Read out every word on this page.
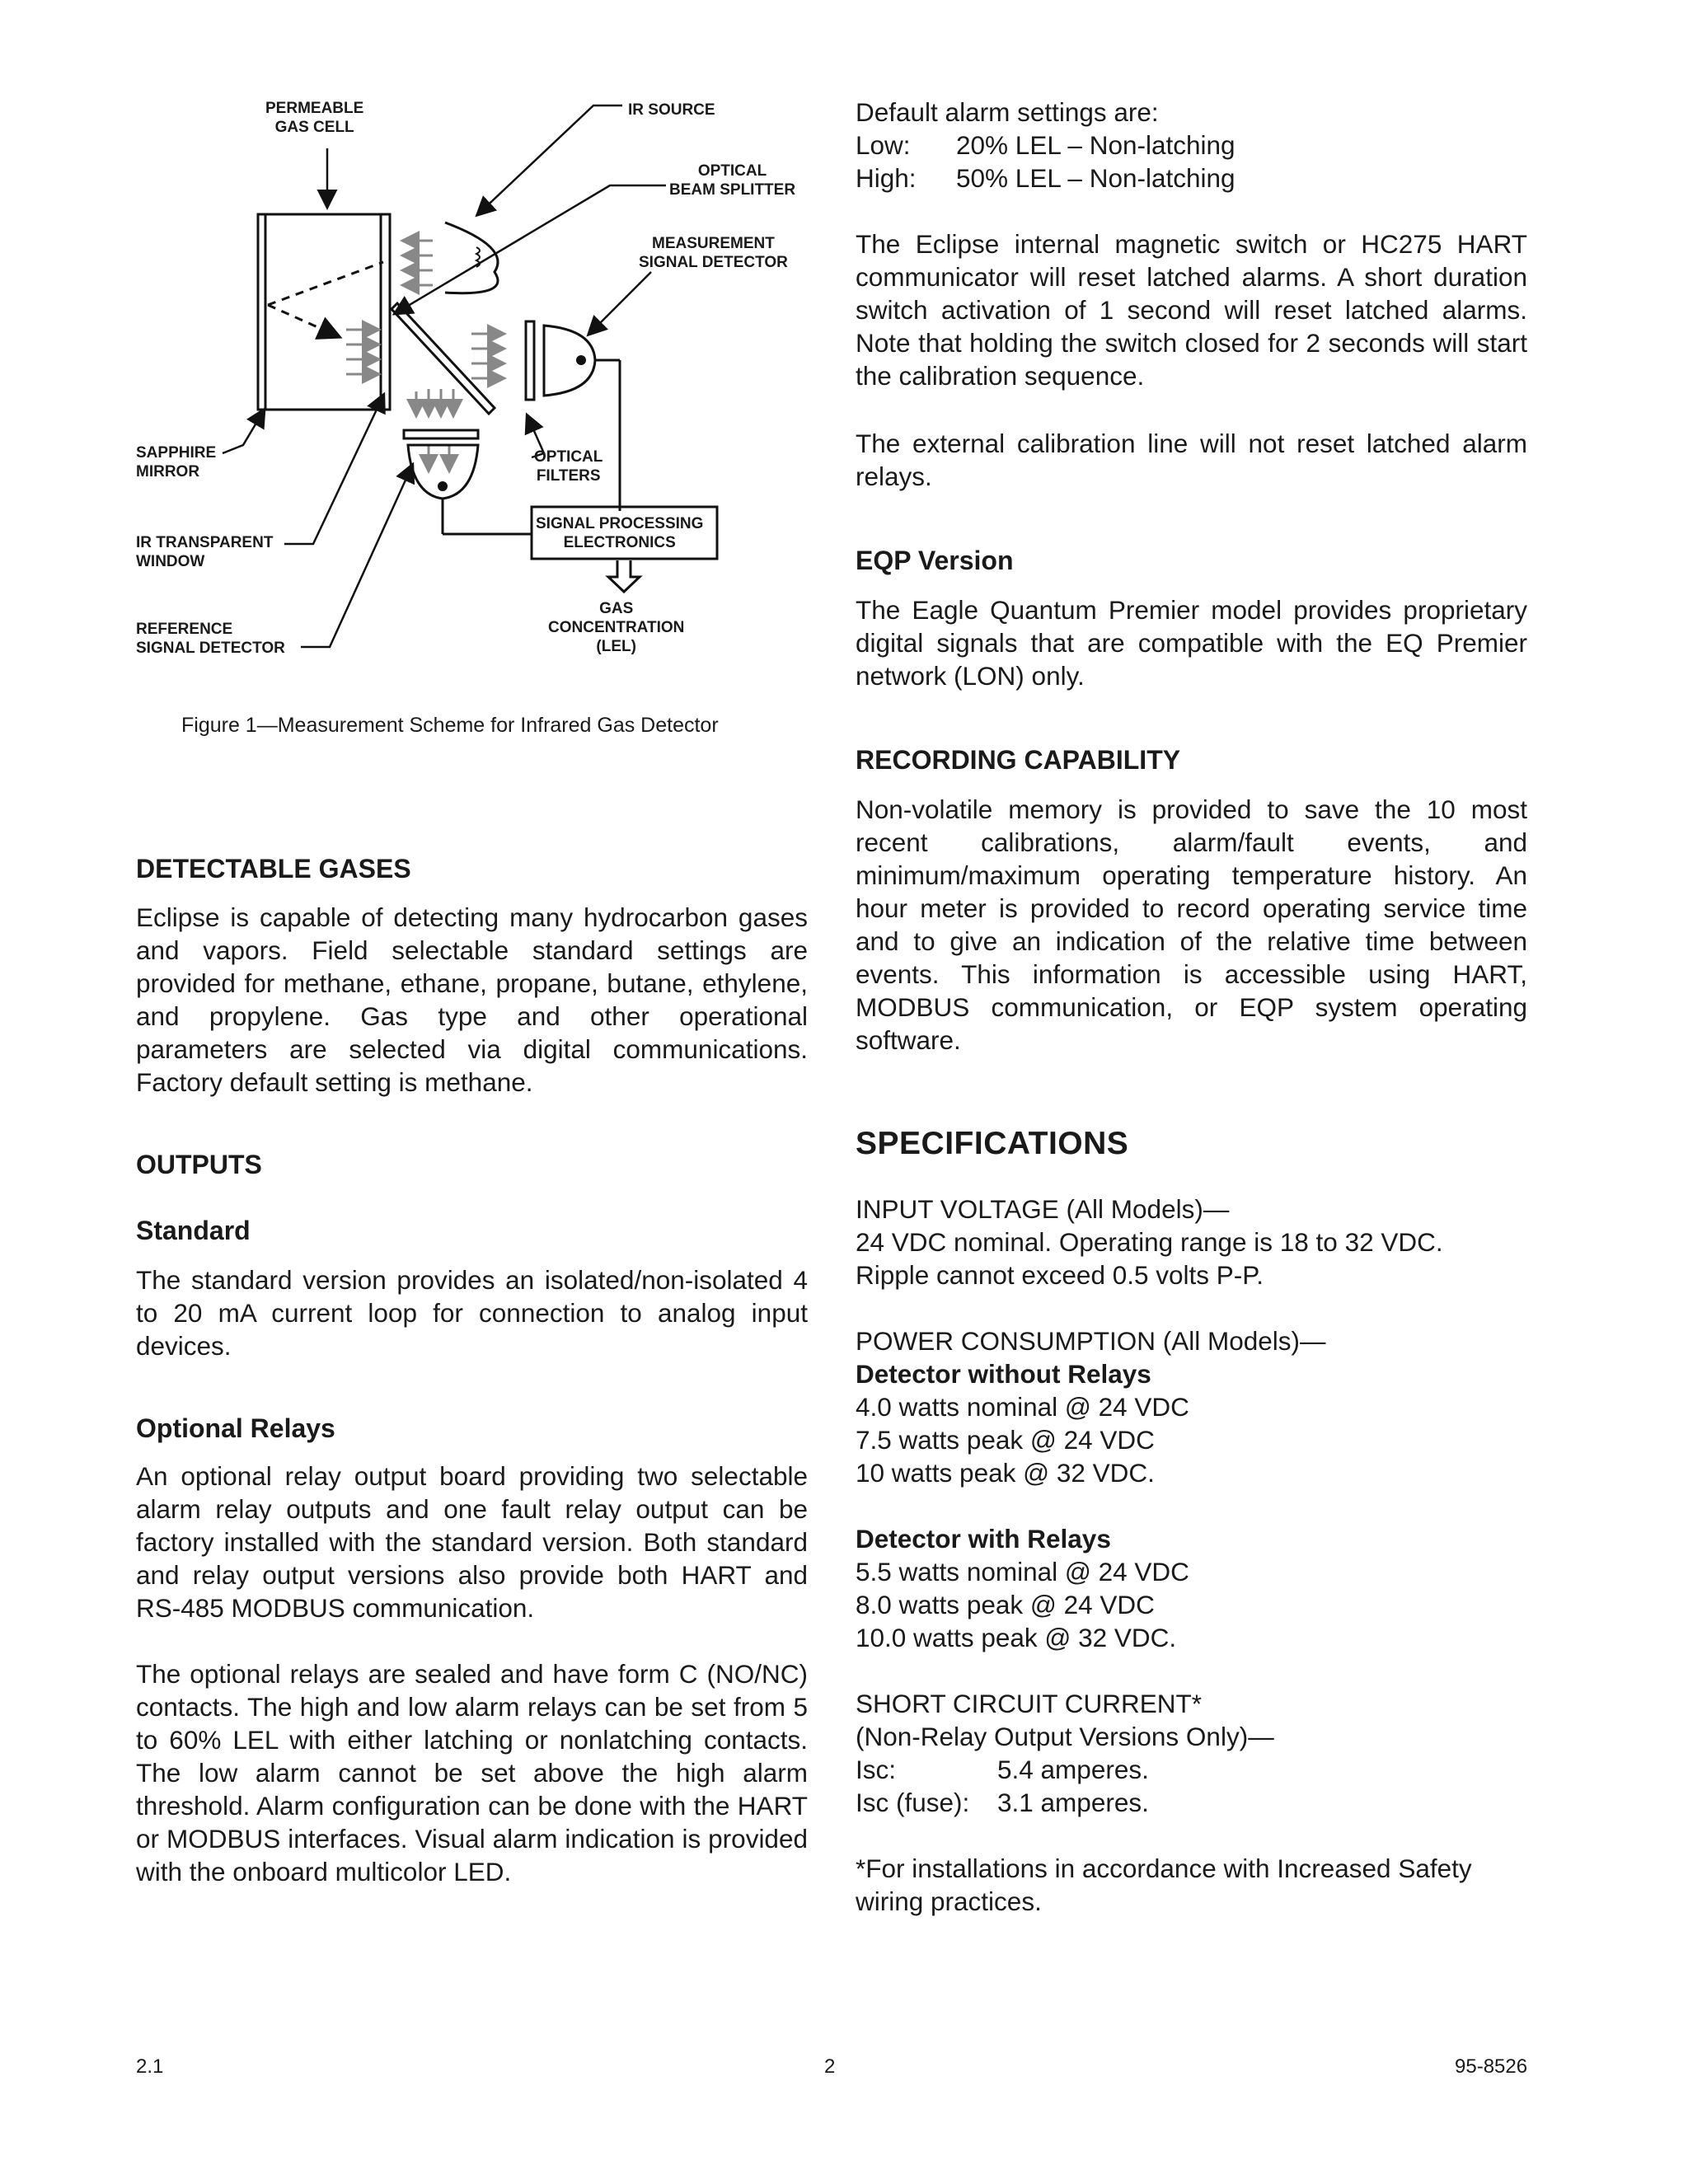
PERMEABLE
GAS CELL
IR SOURCE
OPTICAL
BEAM SPLITTER
MEASUREMENT
SIGNAL DETECTOR
SAPPHIRE
MIRROR
OPTICAL
FILTERS
SIGNAL PROCESSING
ELECTRONICS
IR TRANSPARENT
WINDOW
REFERENCE
SIGNAL DETECTOR
GAS
CONCENTRATION
(LEL)
Figure 1—Measurement Scheme for Infrared Gas Detector
DETECTABLE GASES

Eclipse is capable of detecting many hydrocarbon gases and vapors. Field selectable standard settings are provided for methane, ethane, propane, butane, ethylene, and propylene. Gas type and other operational parameters are selected via digital communications. Factory default setting is methane.

OUTPUTS
Standard

The standard version provides an isolated/non-isolated 4 to 20 mA current loop for connection to analog input devices.

Optional Relays

An optional relay output board providing two selectable alarm relay outputs and one fault relay output can be factory installed with the standard version. Both standard and relay output versions also provide both HART and RS-485 MODBUS communication.

The optional relays are sealed and have form C (NO/NC) contacts. The high and low alarm relays can be set from 5 to 60% LEL with either latching or nonlatching contacts. The low alarm cannot be set above the high alarm threshold. Alarm configuration can be done with the HART or MODBUS interfaces. Visual alarm indication is provided with the onboard multicolor LED.

Default alarm settings are:

Low: 20% LEL – Non-latching

High: 50% LEL – Non-latching

The Eclipse internal magnetic switch or HC275 HART communicator will reset latched alarms. A short duration switch activation of 1 second will reset latched alarms. Note that holding the switch closed for 2 seconds will start the calibration sequence.

The external calibration line will not reset latched alarm relays.

EQP Version

The Eagle Quantum Premier model provides proprietary digital signals that are compatible with the EQ Premier network (LON) only.

RECORDING CAPABILITY

Non-volatile memory is provided to save the 10 most recent calibrations, alarm/fault events, and minimum/maximum operating temperature history. An hour meter is provided to record operating service time and to give an indication of the relative time between events. This information is accessible using HART, MODBUS communication, or EQP system operating software.

SPECIFICATIONS

INPUT VOLTAGE (All Models)—

24 VDC nominal. Operating range is 18 to 32 VDC.

Ripple cannot exceed 0.5 volts P-P.

POWER CONSUMPTION (All Models)—

Detector without Relays

4.0 watts nominal @ 24 VDC

7.5 watts peak @ 24 VDC

10 watts peak @ 32 VDC.

Detector with Relays

5.5 watts nominal @ 24 VDC

8.0 watts peak @ 24 VDC

10.0 watts peak @ 32 VDC.

SHORT CIRCUIT CURRENT*

(Non-Relay Output Versions Only)—

Isc:	5.4 amperes.

Isc (fuse): 3.1 amperes.

*For installations in accordance with Increased Safety wiring practices.

2.1	2	95-8526
